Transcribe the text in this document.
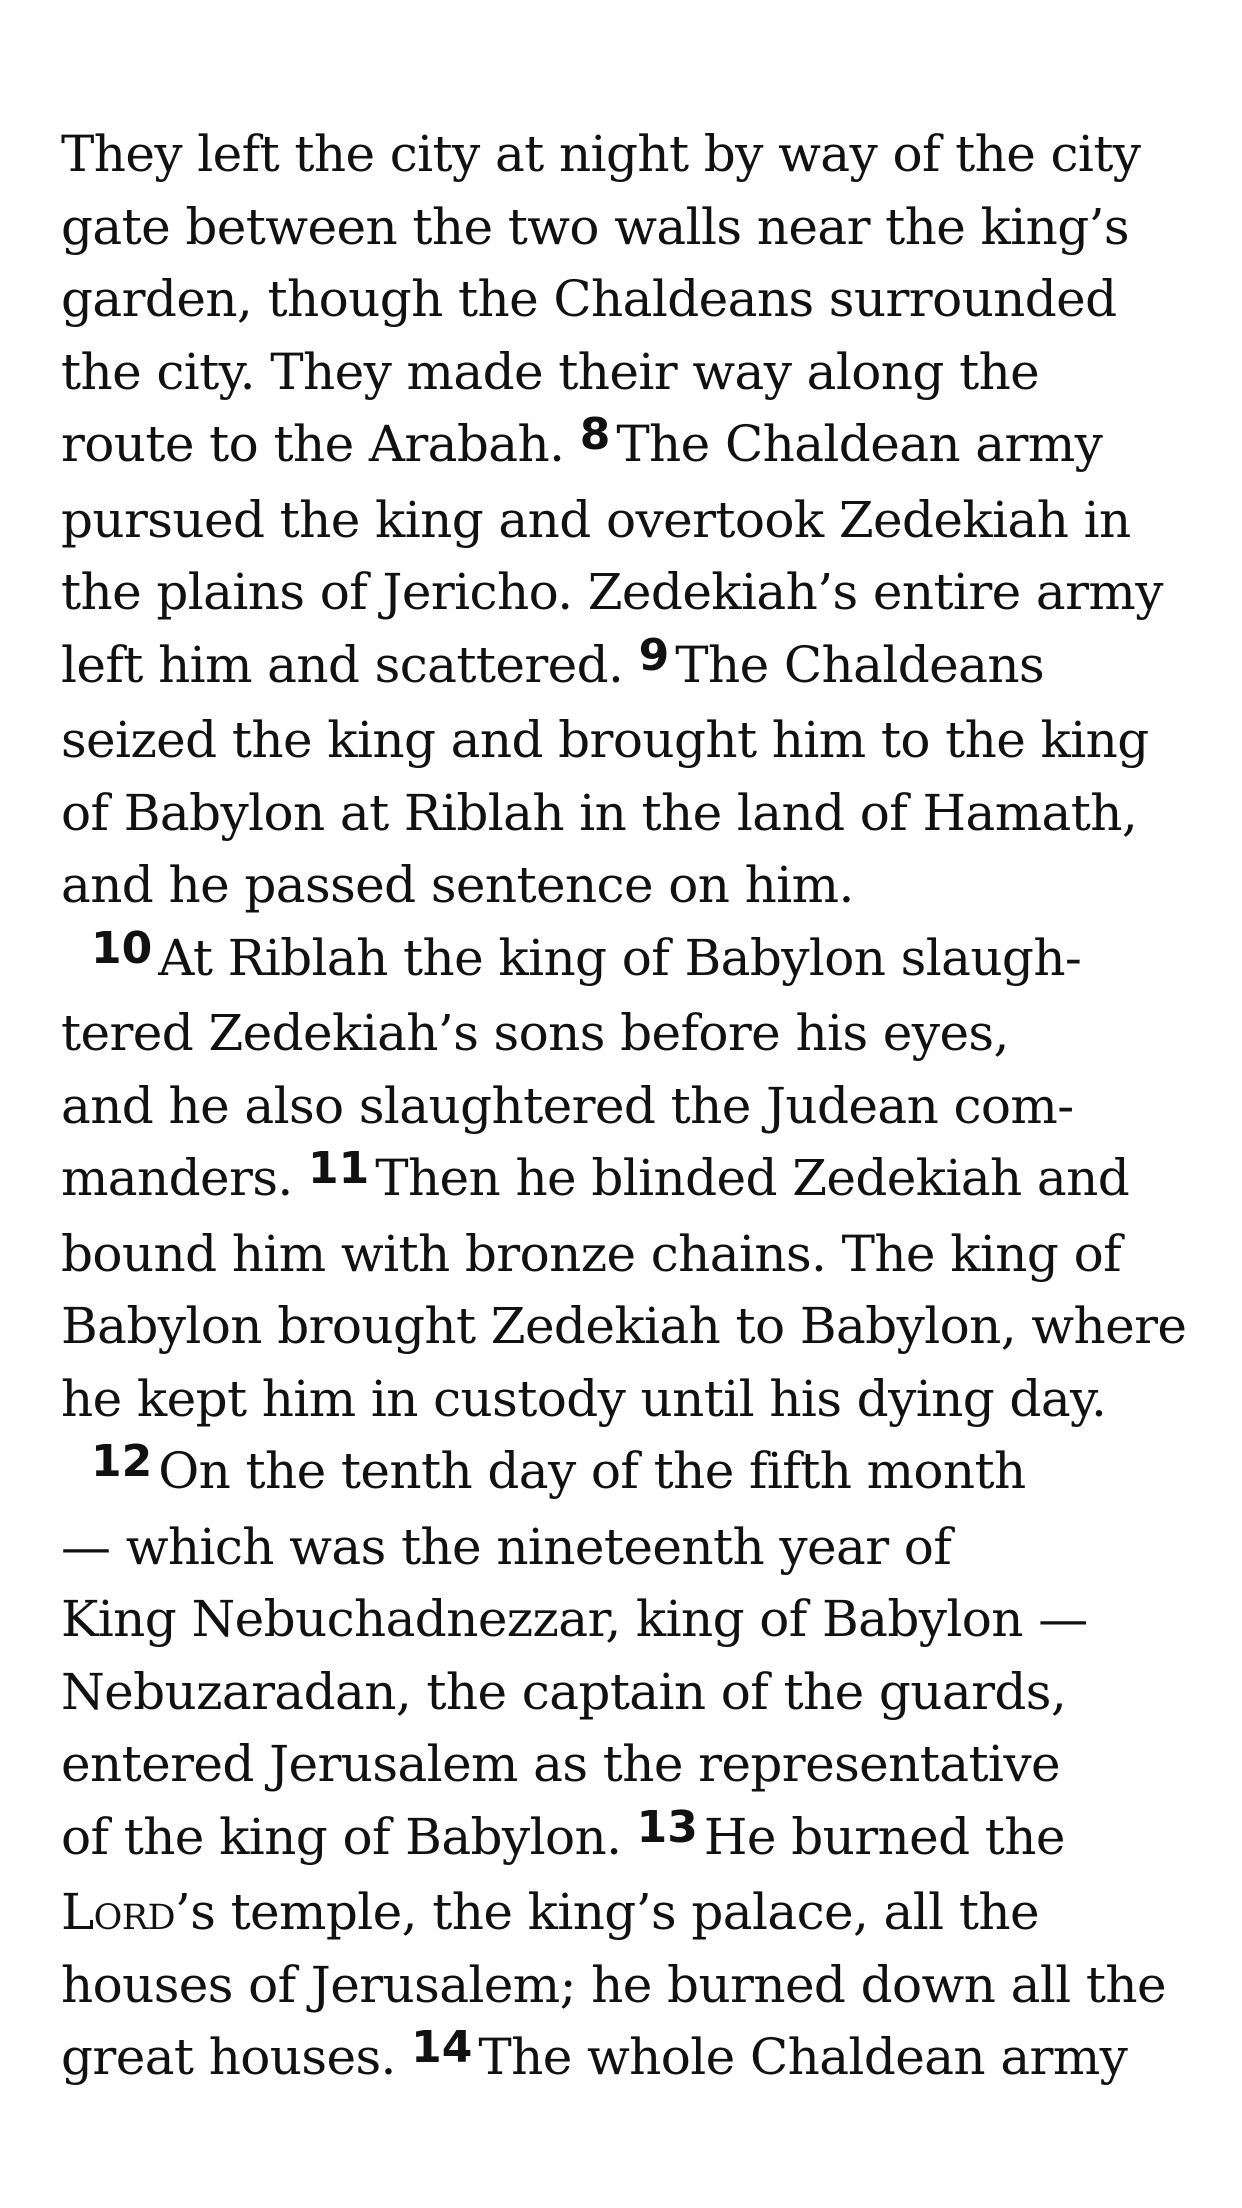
They left the city at night by way of the city
gate between the two walls near the king’s
garden, though the Chaldeans surrounded
the city. They made their way along the
route to the Arabah. 8 The Chaldean army
pursued the king and overtook Zedekiah in
the plains of Jericho. Zedekiah’s entire army
left him and scattered. 9 The Chaldeans
seized the king and brought him to the king
of Babylon at Riblah in the land of Hamath,
and he passed sentence on him.
10 At Riblah the king of Babylon slaugh-
tered Zedekiah’s sons before his eyes,
and he also slaughtered the Judean com-
manders. 11 Then he blinded Zedekiah and
bound him with bronze chains. The king of
Babylon brought Zedekiah to Babylon, where
he kept him in custody until his dying day.
12 On the tenth day of the fifth month
— which was the nineteenth year of
King Nebuchadnezzar, king of Babylon —
Nebuzaradan, the captain of the guards,
entered Jerusalem as the representative
of the king of Babylon. 13 He burned the
Lord’s temple, the king’s palace, all the
houses of Jerusalem; he burned down all the
great houses. 14 The whole Chaldean army
